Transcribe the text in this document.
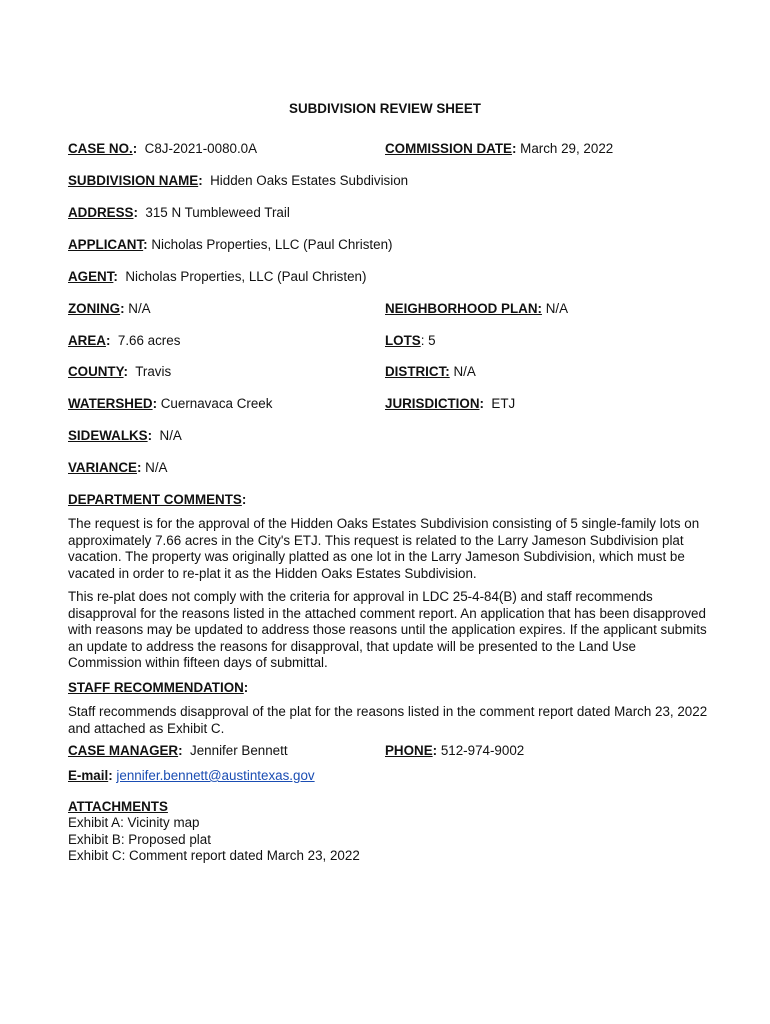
SUBDIVISION REVIEW SHEET
CASE NO.: C8J-2021-0080.0A	COMMISSION DATE: March 29, 2022
SUBDIVISION NAME: Hidden Oaks Estates Subdivision
ADDRESS: 315 N Tumbleweed Trail
APPLICANT: Nicholas Properties, LLC (Paul Christen)
AGENT: Nicholas Properties, LLC (Paul Christen)
ZONING: N/A	NEIGHBORHOOD PLAN: N/A
AREA: 7.66 acres	LOTS: 5
COUNTY: Travis	DISTRICT: N/A
WATERSHED: Cuernavaca Creek	JURISDICTION: ETJ
SIDEWALKS: N/A
VARIANCE: N/A
DEPARTMENT COMMENTS:
The request is for the approval of the Hidden Oaks Estates Subdivision consisting of 5 single-family lots on approximately 7.66 acres in the City's ETJ. This request is related to the Larry Jameson Subdivision plat vacation. The property was originally platted as one lot in the Larry Jameson Subdivision, which must be vacated in order to re-plat it as the Hidden Oaks Estates Subdivision.
This re-plat does not comply with the criteria for approval in LDC 25-4-84(B) and staff recommends disapproval for the reasons listed in the attached comment report. An application that has been disapproved with reasons may be updated to address those reasons until the application expires. If the applicant submits an update to address the reasons for disapproval, that update will be presented to the Land Use Commission within fifteen days of submittal.
STAFF RECOMMENDATION:
Staff recommends disapproval of the plat for the reasons listed in the comment report dated March 23, 2022 and attached as Exhibit C.
CASE MANAGER: Jennifer Bennett	PHONE: 512-974-9002
E-mail: jennifer.bennett@austintexas.gov
ATTACHMENTS
Exhibit A: Vicinity map
Exhibit B: Proposed plat
Exhibit C: Comment report dated March 23, 2022
